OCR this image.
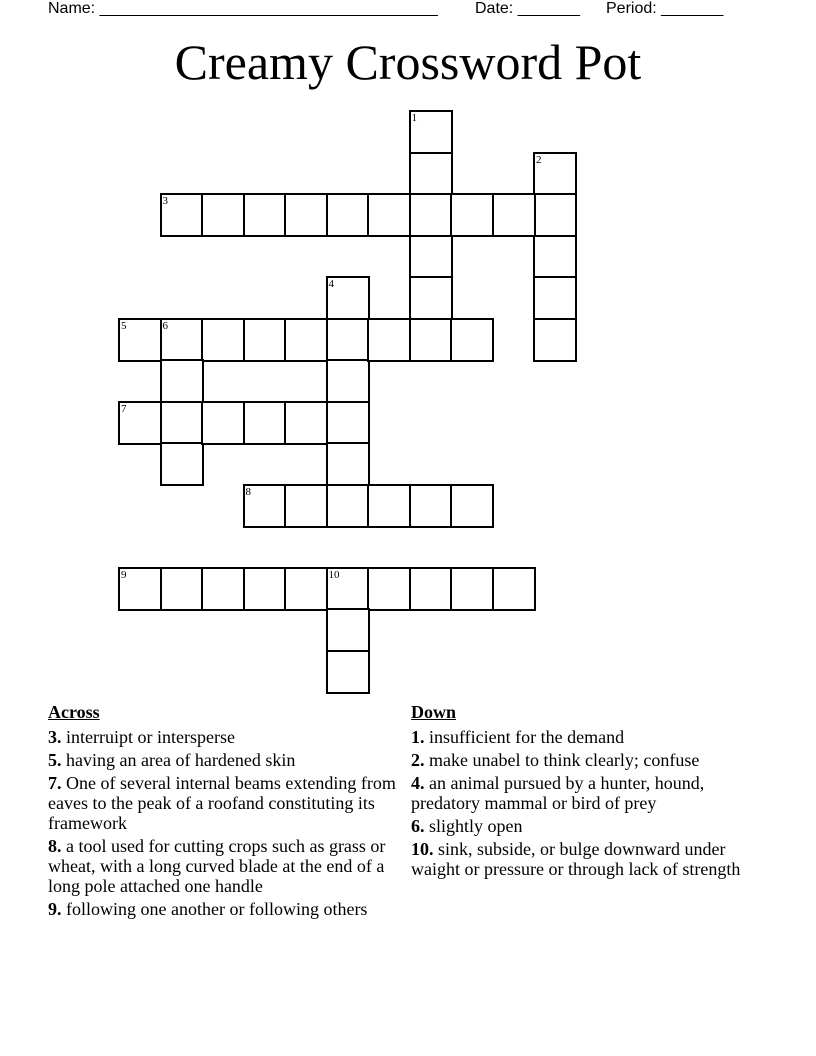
Name: ______________________________________ Date: _______ Period: _______
Creamy Crossword Pot
1
2
3
4
5	6
7
8
9	10
Across
3. interruipt or intersperse
5. having an area of hardened skin
7. One of several internal beams extending from eaves to the peak of a roofand constituting its framework
8. a tool used for cutting crops such as grass or wheat, with a long curved blade at the end of a long pole attached one handle
9. following one another or following others
Down
1. insufficient for the demand
2. make unabel to think clearly; confuse
4. an animal pursued by a hunter, hound, predatory mammal or bird of prey
6. slightly open
10. sink, subside, or bulge downward under waight or pressure or through lack of strength
